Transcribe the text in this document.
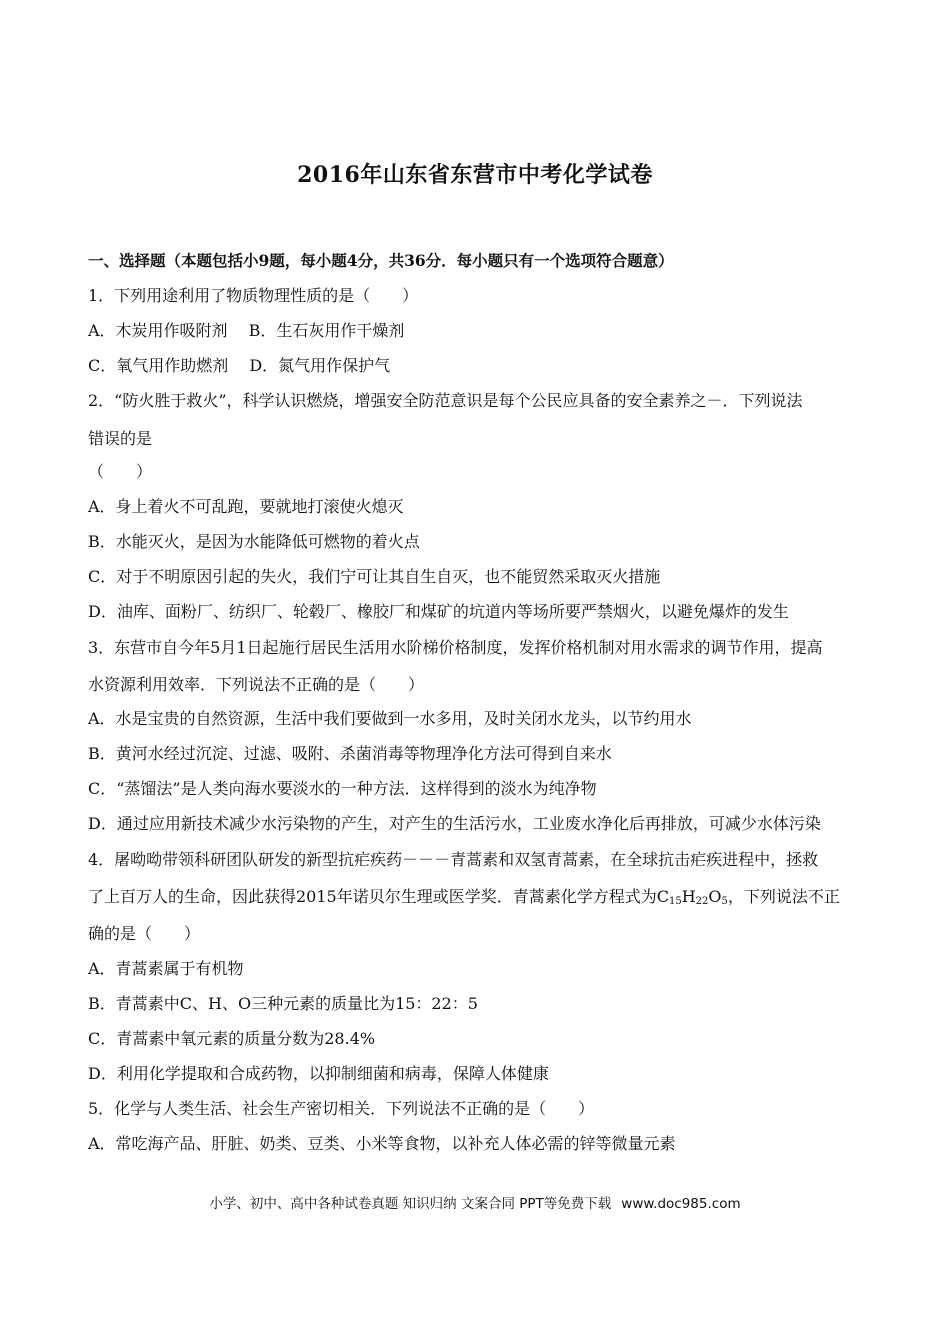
2016年山东省东营市中考化学试卷
一、选择题（本题包括小9题，每小题4分，共36分．每小题只有一个选项符合题意）
1．下列用途利用了物质物理性质的是（　　）
A．木炭用作吸附剂　 B．生石灰用作干燥剂
C．氧气用作助燃剂　 D．氮气用作保护气
2．“防火胜于救火”，科学认识燃烧，增强安全防范意识是每个公民应具备的安全素养之－．下列说法
错误的是
（　　）
A．身上着火不可乱跑，要就地打滚使火熄灭
B．水能灭火，是因为水能降低可燃物的着火点
C．对于不明原因引起的失火，我们宁可让其自生自灭，也不能贸然采取灭火措施
D．油库、面粉厂、纺织厂、轮毂厂、橡胶厂和煤矿的坑道内等场所要严禁烟火，以避免爆炸的发生
3．东营市自今年5月1日起施行居民生活用水阶梯价格制度，发挥价格机制对用水需求的调节作用，提高
水资源利用效率．下列说法不正确的是（　　）
A．水是宝贵的自然资源，生活中我们要做到一水多用，及时关闭水龙头，以节约用水
B．黄河水经过沉淀、过滤、吸附、杀菌消毒等物理净化方法可得到自来水
C．“蒸馏法”是人类向海水要淡水的一种方法．这样得到的淡水为纯净物
D．通过应用新技术减少水污染物的产生，对产生的生活污水，工业废水净化后再排放，可减少水体污染
4．屠呦呦带领科研团队研发的新型抗疟疾药－－－青蒿素和双氢青蒿素，在全球抗击疟疾进程中，拯救
了上百万人的生命，因此获得2015年诺贝尔生理或医学奖．青蒿素化学方程式为$C_{15}H_{22}O_5$，下列说法不正
确的是（　　）
A．青蒿素属于有机物
B．青蒿素中C、H、O三种元素的质量比为15：22：5
C．青蒿素中氧元素的质量分数为28.4%
D．利用化学提取和合成药物，以抑制细菌和病毒，保障人体健康
5．化学与人类生活、社会生产密切相关．下列说法不正确的是（　　）
A．常吃海产品、肝脏、奶类、豆类、小米等食物，以补充人体必需的锌等微量元素
小学、初中、高中各种试卷真题 知识归纳 文案合同 PPT等免费下载 www.doc985.com
